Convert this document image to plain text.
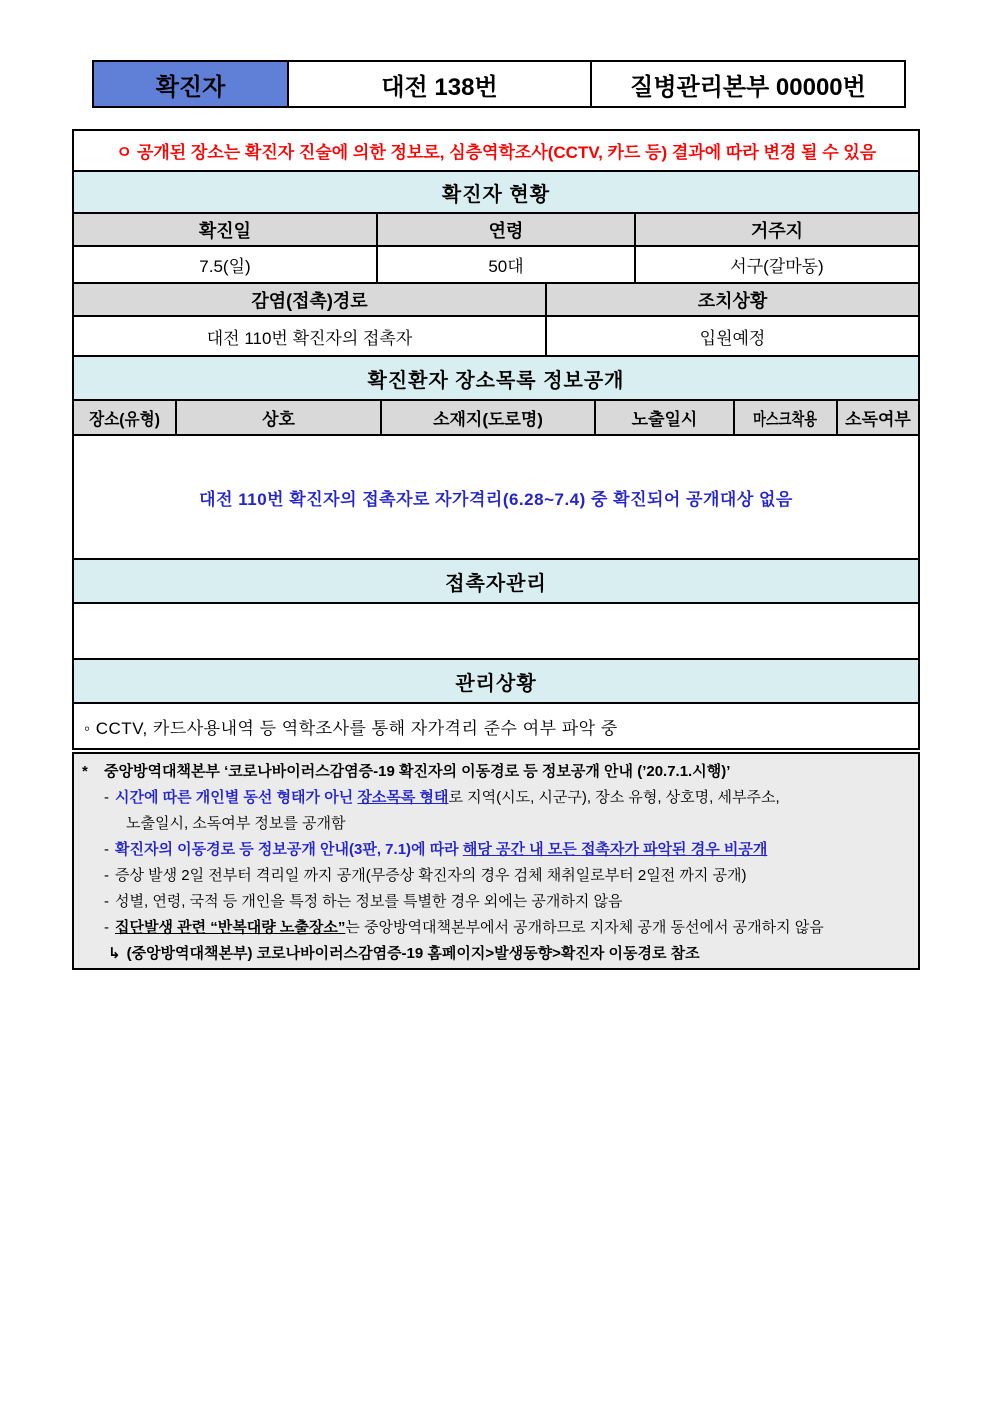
확진자	대전 138번	질병관리본부 00000번
ㅇ 공개된 장소는 확진자 진술에 의한 정보로, 심층역학조사(CCTV, 카드 등) 결과에 따라 변경 될 수 있음
확진자 현황
확진일	연령	거주지
7.5(일)	50대	서구(갈마동)
감염(접촉)경로	조치상황
대전 110번 확진자의 접촉자	입원예정
확진환자 장소목록 정보공개
장소(유형)	상호	소재지(도로명)	노출일시	마스크착용	소독여부
대전 110번 확진자의 접촉자로 자가격리(6.28~7.4) 중 확진되어 공개대상 없음
접촉자관리
관리상황
◦ CCTV, 카드사용내역 등 역학조사를 통해 자가격리 준수 여부 파악 중
* 중앙방역대책본부 ‘코로나바이러스감염증-19 확진자의 이동경로 등 정보공개 안내 (’20.7.1.시행)’
- 시간에 따른 개인별 동선 형태가 아닌 장소목록 형태로 지역(시도, 시군구), 장소 유형, 상호명, 세부주소,
노출일시, 소독여부 정보를 공개함
- 확진자의 이동경로 등 정보공개 안내(3판, 7.1)에 따라 해당 공간 내 모든 접촉자가 파악된 경우 비공개
- 증상 발생 2일 전부터 격리일 까지 공개(무증상 확진자의 경우 검체 채취일로부터 2일전 까지 공개)
- 성별, 연령, 국적 등 개인을 특정 하는 정보를 특별한 경우 외에는 공개하지 않음
- 집단발생 관련 “반복대량 노출장소”는 중앙방역대책본부에서 공개하므로 지자체 공개 동선에서 공개하지 않음
↳ (중앙방역대책본부) 코로나바이러스감염증-19 홈페이지>발생동향>확진자 이동경로 참조
